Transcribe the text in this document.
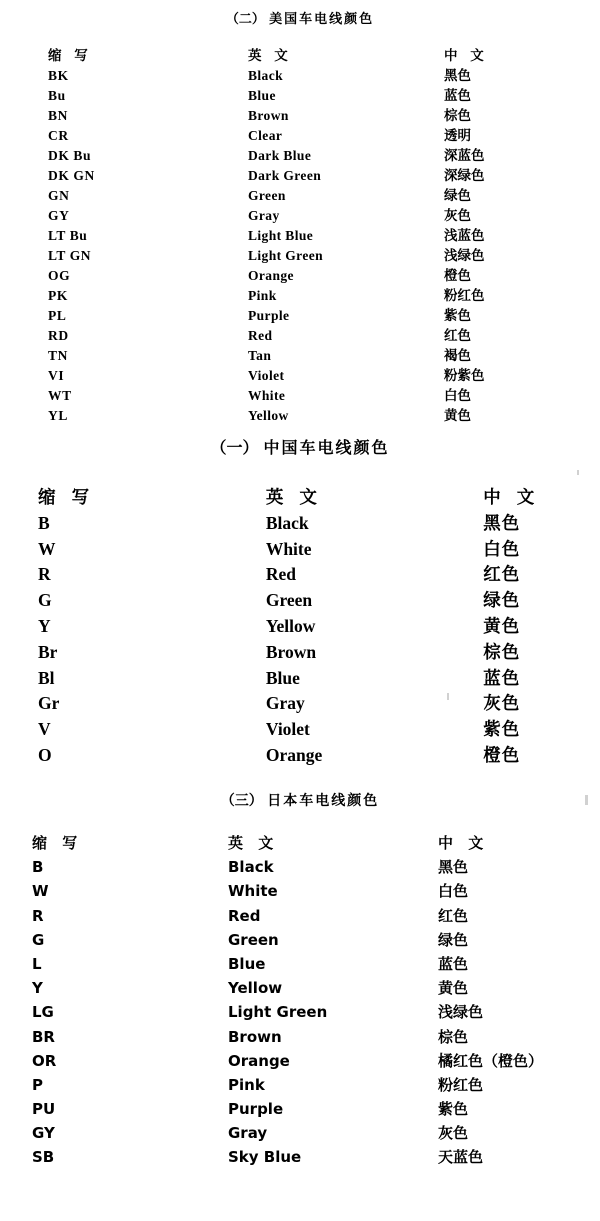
（二） 美国车电线颜色
缩 写	英 文	中 文
BK	Black	黑色
Bu	Blue	蓝色
BN	Brown	棕色
CR	Clear	透明
DK Bu	Dark Blue	深蓝色
DK GN	Dark Green	深绿色
GN	Green	绿色
GY	Gray	灰色
LT Bu	Light Blue	浅蓝色
LT GN	Light Green	浅绿色
OG	Orange	橙色
PK	Pink	粉红色
PL	Purple	紫色
RD	Red	红色
TN	Tan	褐色
VI	Violet	粉紫色
WT	White	白色
YL	Yellow	黄色
（一） 中国车电线颜色
缩 写	英 文	中 文
B	Black	黑色
W	White	白色
R	Red	红色
G	Green	绿色
Y	Yellow	黄色
Br	Brown	棕色
Bl	Blue	蓝色
Gr	Gray	灰色
V	Violet	紫色
O	Orange	橙色
（三） 日本车电线颜色
缩 写	英 文	中 文
B	Black	黑色
W	White	白色
R	Red	红色
G	Green	绿色
L	Blue	蓝色
Y	Yellow	黄色
LG	Light Green	浅绿色
BR	Brown	棕色
OR	Orange	橘红色（橙色）
P	Pink	粉红色
PU	Purple	紫色
GY	Gray	灰色
SB	Sky Blue	天蓝色
